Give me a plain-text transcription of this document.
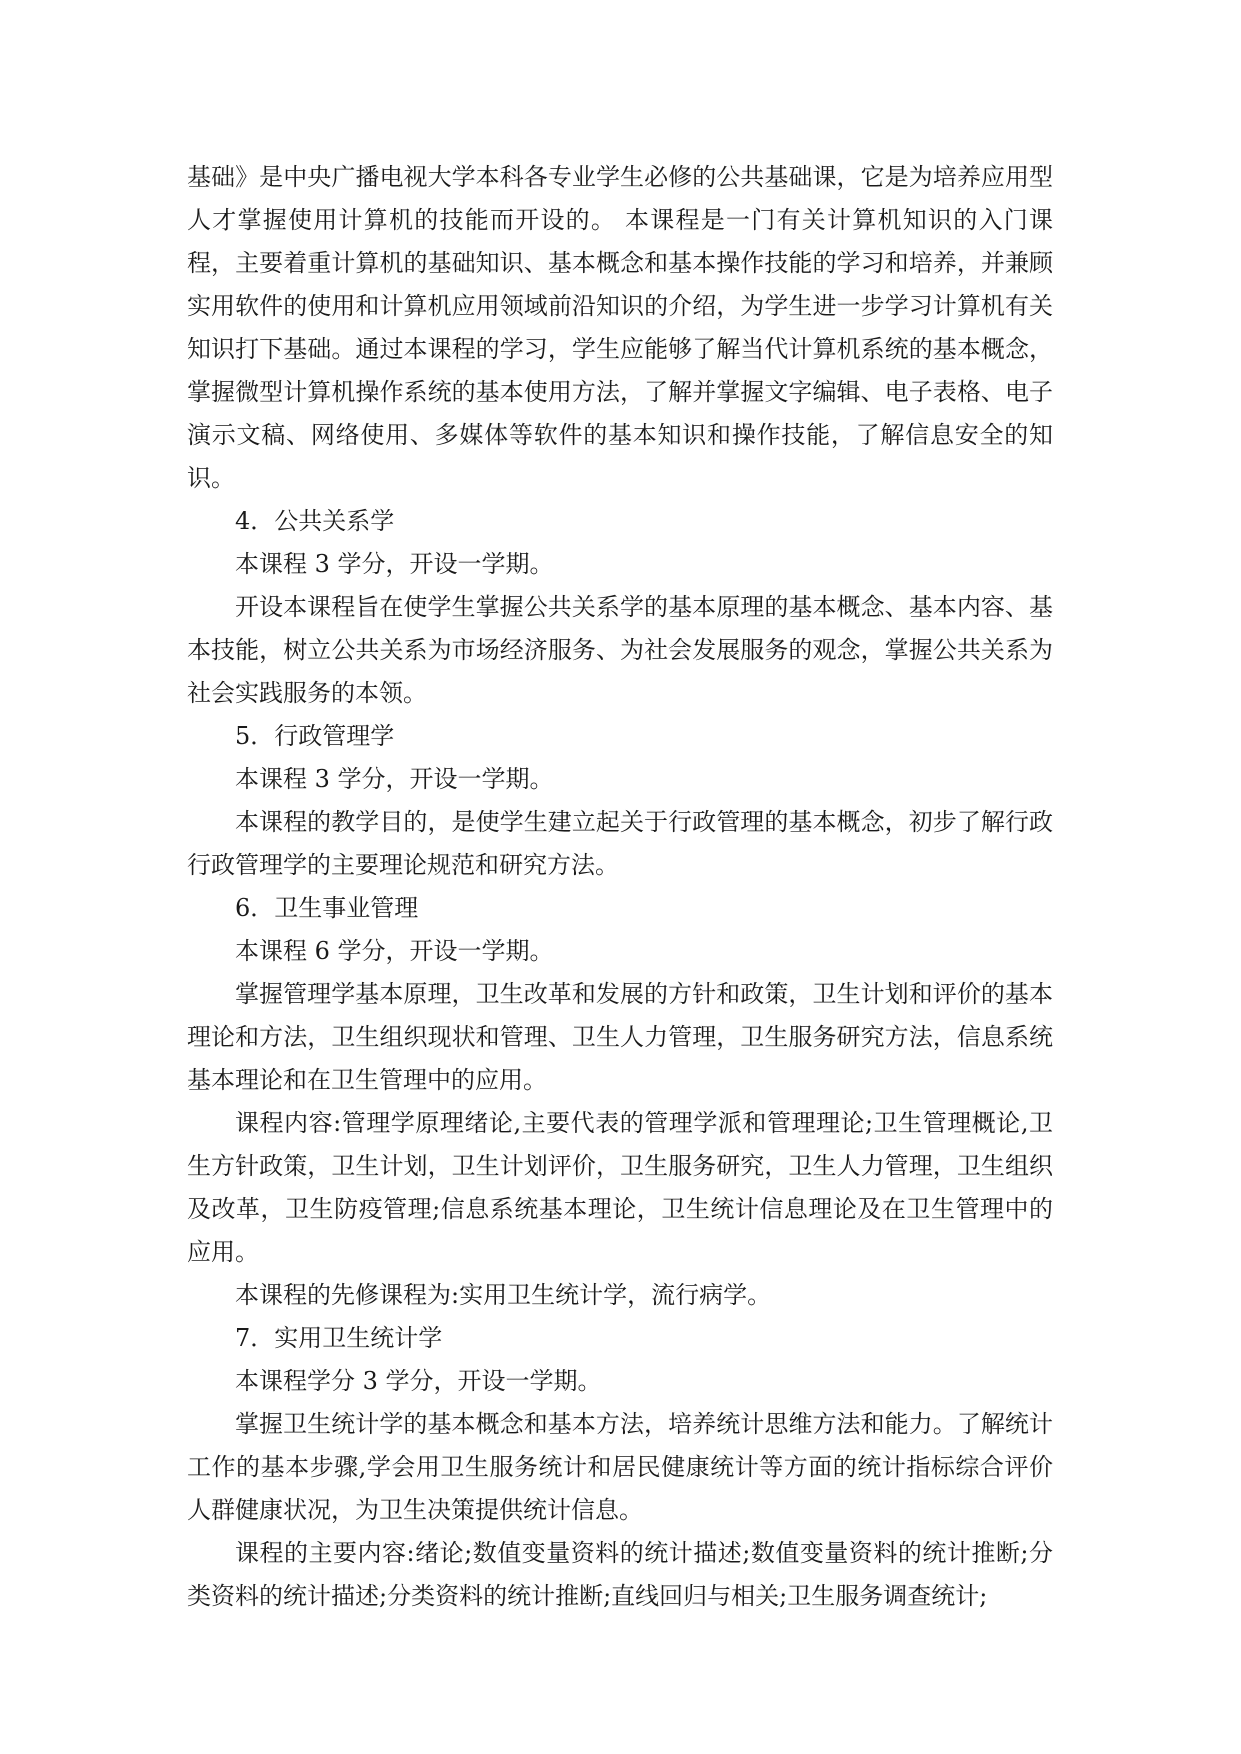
基础》是中央广播电视大学本科各专业学生必修的公共基础课，它是为培养应用型人才掌握使用计算机的技能而开设的。 本课程是一门有关计算机知识的入门课程，主要着重计算机的基础知识、基本概念和基本操作技能的学习和培养，并兼顾实用软件的使用和计算机应用领域前沿知识的介绍，为学生进一步学习计算机有关知识打下基础。通过本课程的学习，学生应能够了解当代计算机系统的基本概念，掌握微型计算机操作系统的基本使用方法，了解并掌握文字编辑、电子表格、电子演示文稿、网络使用、多媒体等软件的基本知识和操作技能，了解信息安全的知识。

4．公共关系学

本课程 3 学分，开设一学期。

开设本课程旨在使学生掌握公共关系学的基本原理的基本概念、基本内容、基本技能，树立公共关系为市场经济服务、为社会发展服务的观念，掌握公共关系为社会实践服务的本领。

5．行政管理学

本课程 3 学分，开设一学期。

本课程的教学目的，是使学生建立起关于行政管理的基本概念，初步了解行政行政管理学的主要理论规范和研究方法。

6．卫生事业管理

本课程 6 学分，开设一学期。

掌握管理学基本原理，卫生改革和发展的方针和政策，卫生计划和评价的基本理论和方法，卫生组织现状和管理、卫生人力管理，卫生服务研究方法，信息系统基本理论和在卫生管理中的应用。

课程内容:管理学原理绪论,主要代表的管理学派和管理理论;卫生管理概论,卫生方针政策，卫生计划，卫生计划评价，卫生服务研究，卫生人力管理，卫生组织及改革，卫生防疫管理;信息系统基本理论，卫生统计信息理论及在卫生管理中的应用。

本课程的先修课程为:实用卫生统计学，流行病学。

7．实用卫生统计学

本课程学分 3 学分，开设一学期。

掌握卫生统计学的基本概念和基本方法，培养统计思维方法和能力。了解统计工作的基本步骤,学会用卫生服务统计和居民健康统计等方面的统计指标综合评价人群健康状况，为卫生决策提供统计信息。

课程的主要内容:绪论;数值变量资料的统计描述;数值变量资料的统计推断;分类资料的统计描述;分类资料的统计推断;直线回归与相关;卫生服务调查统计;
